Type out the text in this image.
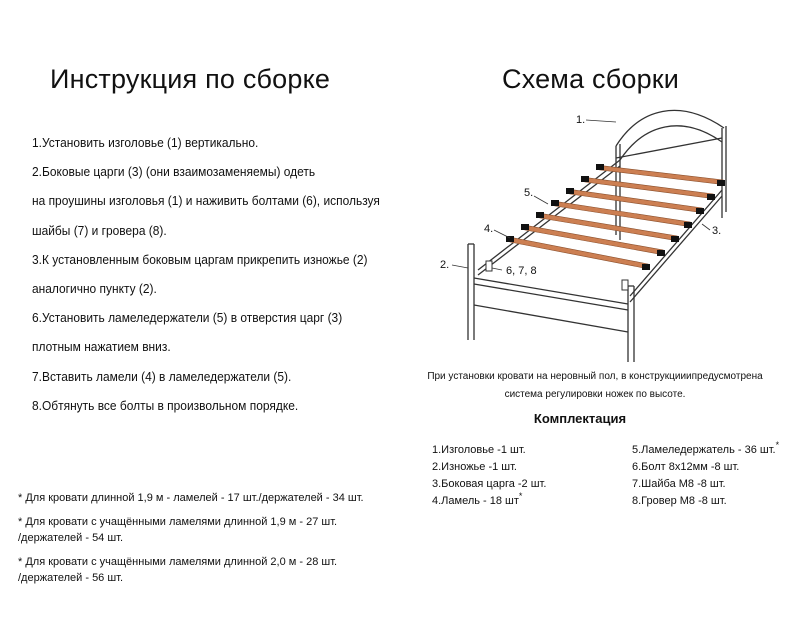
Инструкция по сборке
1.Установить изголовье (1) вертикально.
2.Боковые царги (3) (они взаимозаменяемы) одеть
на проушины изголовья (1) и наживить болтами (6), используя
шайбы (7) и гровера (8).
3.К установленным боковым царгам прикрепить изножье (2)
аналогично пункту (2).
6.Установить ламеледержатели (5) в отверстия царг (3)
плотным нажатием вниз.
7.Вставить ламели (4) в ламеледержатели (5).
8.Обтянуть все болты в произвольном порядке.

* Для кровати длинной 1,9 м - ламелей - 17 шт./держателей - 34 шт.

* Для кровати с учащёнными ламелями длинной 1,9 м - 27 шт.
/держателей - 54 шт.

* Для кровати с учащёнными ламелями длинной 2,0 м - 28 шт.
/держателей - 56 шт.

Схема сборки
1.
3.
5.
4.
2.	6, 7, 8
При установки кровати на неровный пол, в конструкцииипредусмотрена
система регулировки ножек по высоте.
Комплектация
1.Изголовье -1 шт.
2.Изножье -1 шт.
3.Боковая царга -2 шт.
4.Ламель - 18 шт*
5.Ламеледержатель - 36 шт.*
6.Болт 8x12мм -8 шт.
7.Шайба М8 -8 шт.
8.Гровер М8 -8 шт.
